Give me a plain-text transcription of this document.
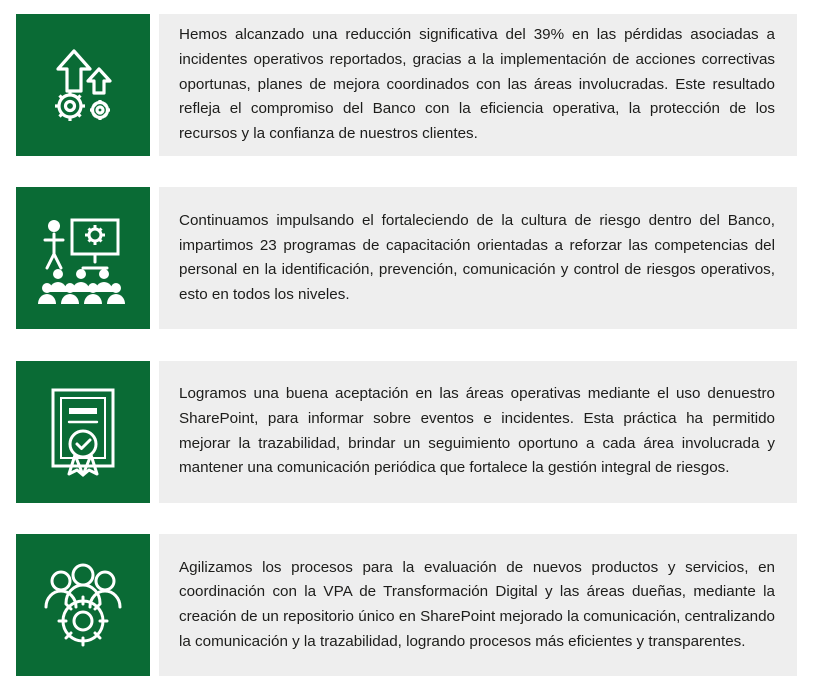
Hemos alcanzado una reducción significativa del 39% en las pérdidas asociadas a incidentes operativos reportados, gracias a la implementación de acciones correctivas oportunas, planes de mejora coordinados con las áreas involucradas. Este resultado refleja el compromiso del Banco con la eficiencia operativa, la protección de los recursos y la confianza de nuestros clientes.

Continuamos impulsando el fortaleciendo de la cultura de riesgo dentro del Banco, impartimos 23 programas de capacitación orientadas a reforzar las competencias del personal en la identificación, prevención, comunicación y control de riesgos operativos, esto en todos los niveles.

Logramos una buena aceptación en las áreas operativas mediante el uso denuestro SharePoint, para informar sobre eventos e incidentes. Esta práctica ha permitido mejorar la trazabilidad, brindar un seguimiento oportuno a cada área involucrada y mantener una comunicación periódica que fortalece la gestión integral de riesgos.

Agilizamos los procesos para la evaluación de nuevos productos y servicios, en coordinación con la VPA de Transformación Digital y las áreas dueñas, mediante la creación de un repositorio único en SharePoint mejorado la comunicación, centralizando la comunicación y la trazabilidad, logrando procesos más eficientes y transparentes.
